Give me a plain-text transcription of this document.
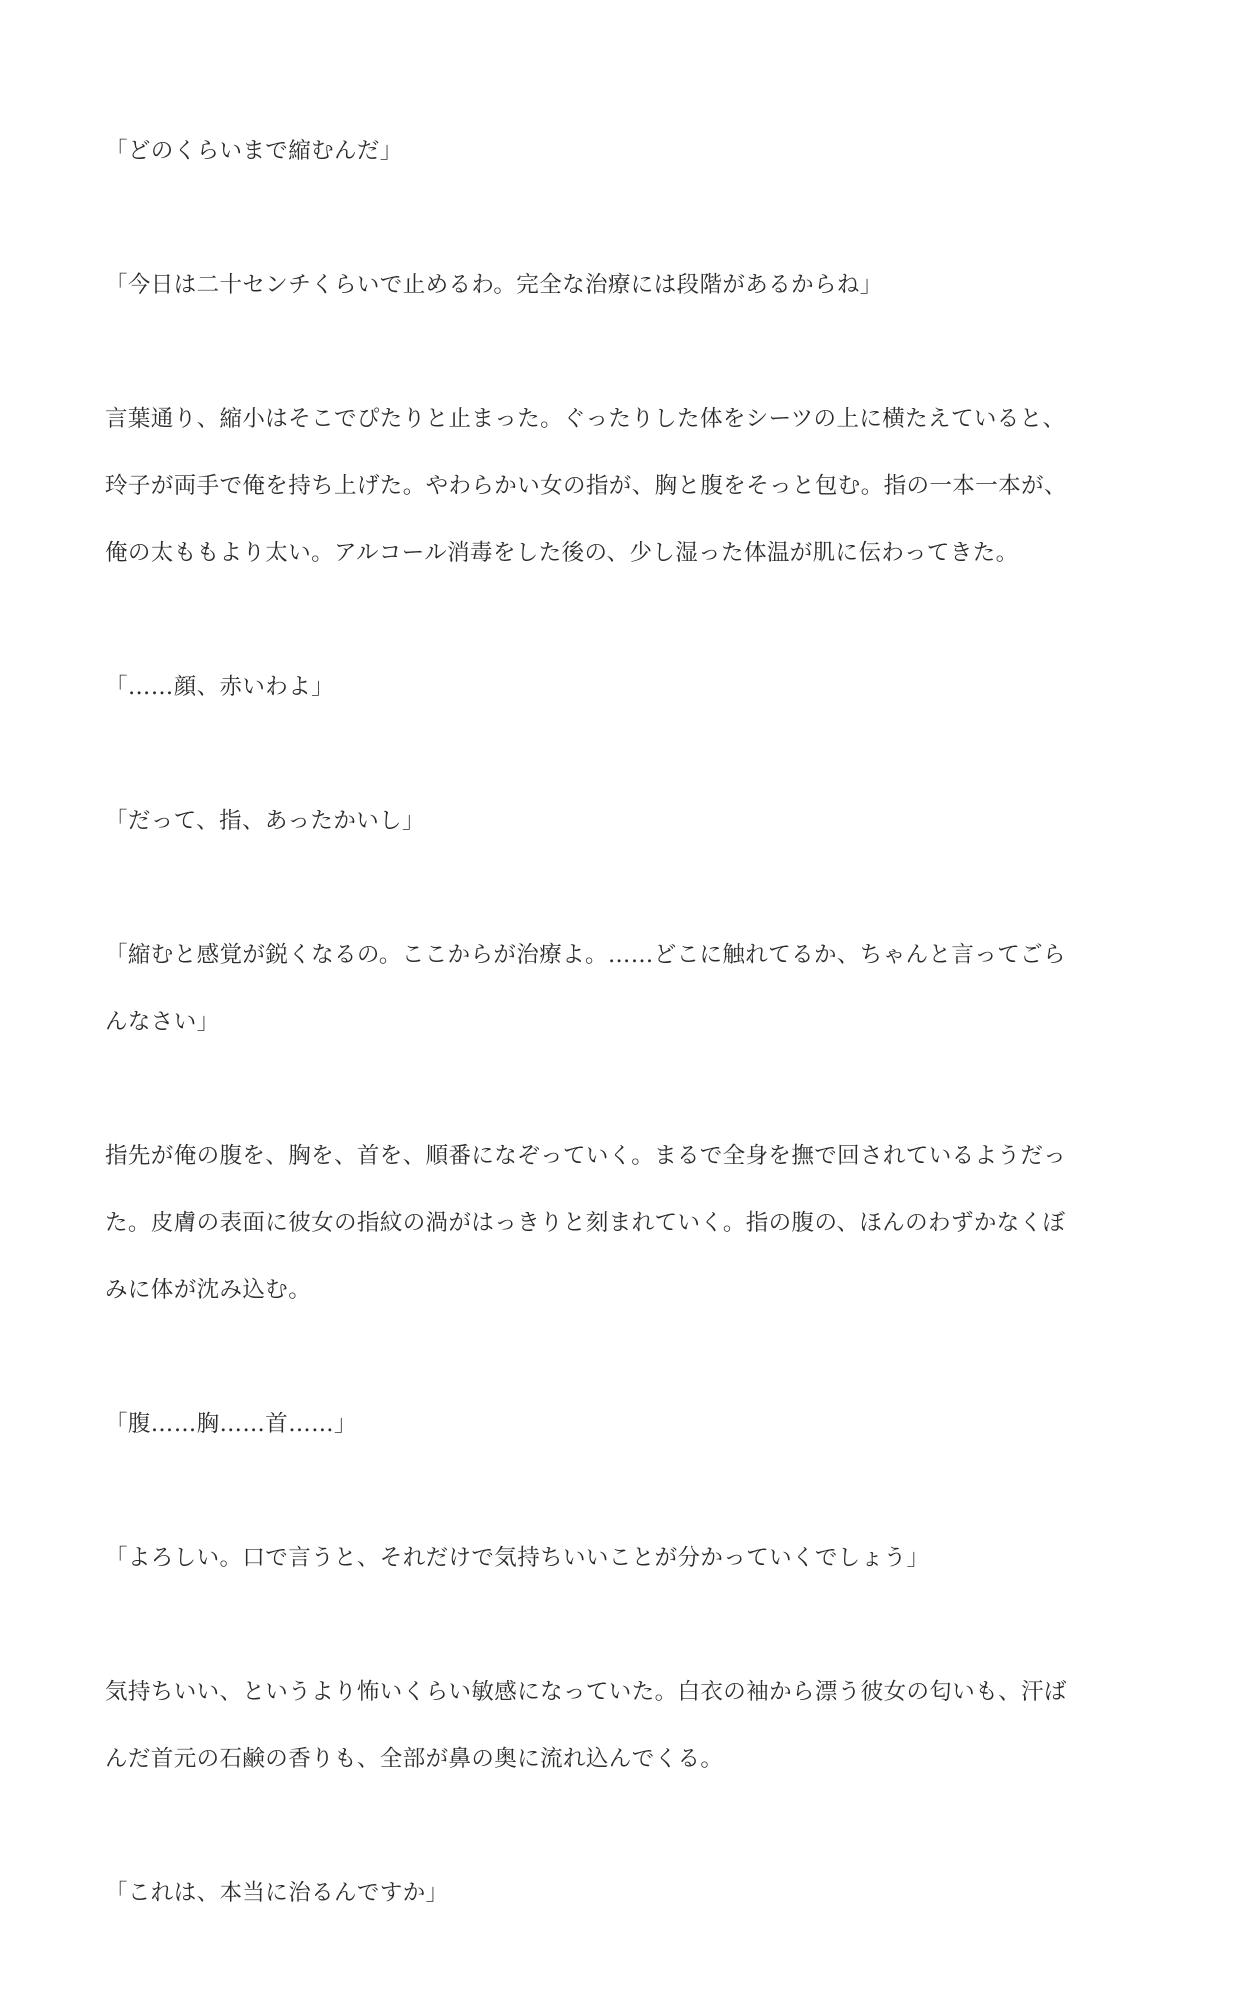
「どのくらいまで縮むんだ」

「今日は二十センチくらいで止めるわ。完全な治療には段階があるからね」

言葉通り、縮小はそこでぴたりと止まった。ぐったりした体をシーツの上に横たえていると、
玲子が両手で俺を持ち上げた。やわらかい女の指が、胸と腹をそっと包む。指の一本一本が、
俺の太ももより太い。アルコール消毒をした後の、少し湿った体温が肌に伝わってきた。

「……顔、赤いわよ」

「だって、指、あったかいし」

「縮むと感覚が鋭くなるの。ここからが治療よ。……どこに触れてるか、ちゃんと言ってごら
んなさい」

指先が俺の腹を、胸を、首を、順番になぞっていく。まるで全身を撫で回されているようだっ
た。皮膚の表面に彼女の指紋の渦がはっきりと刻まれていく。指の腹の、ほんのわずかなくぼ
みに体が沈み込む。

「腹……胸……首……」

「よろしい。口で言うと、それだけで気持ちいいことが分かっていくでしょう」

気持ちいい、というより怖いくらい敏感になっていた。白衣の袖から漂う彼女の匂いも、汗ば
んだ首元の石鹸の香りも、全部が鼻の奥に流れ込んでくる。

「これは、本当に治るんですか」
